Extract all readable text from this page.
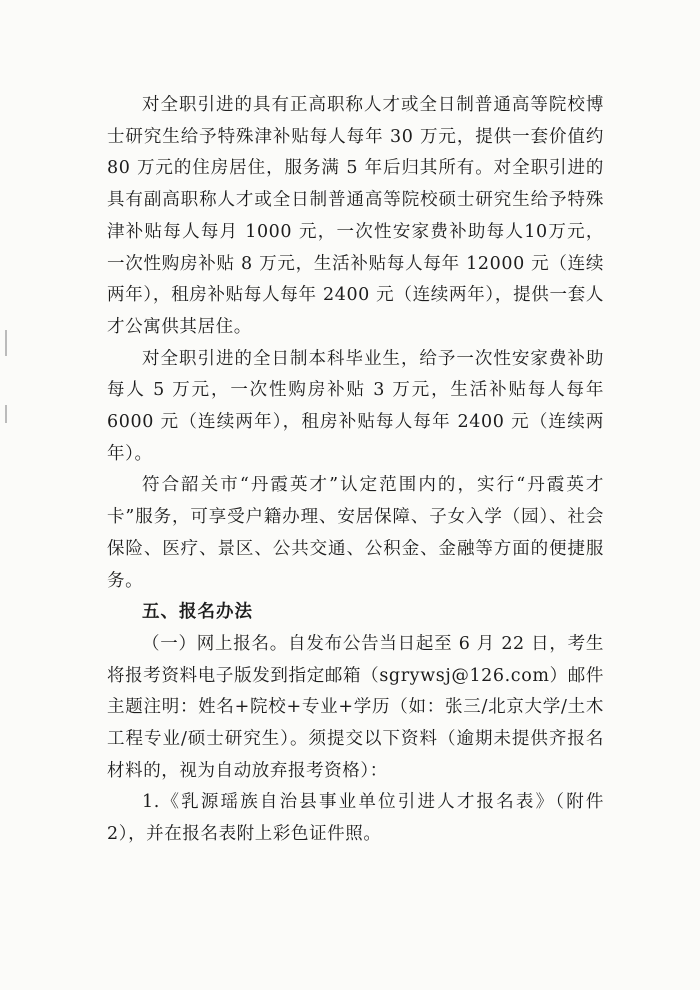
对全职引进的具有正高职称人才或全日制普通高等院校博士研究生给予特殊津补贴每人每年 30 万元，提供一套价值约 80 万元的住房居住，服务满 5 年后归其所有。对全职引进的具有副高职称人才或全日制普通高等院校硕士研究生给予特殊津补贴每人每月 1000 元，一次性安家费补助每人10万元，一次性购房补贴 8 万元，生活补贴每人每年 12000 元（连续两年），租房补贴每人每年 2400 元（连续两年），提供一套人才公寓供其居住。

对全职引进的全日制本科毕业生，给予一次性安家费补助每人 5 万元，一次性购房补贴 3 万元，生活补贴每人每年 6000 元（连续两年），租房补贴每人每年 2400 元（连续两年）。

符合韶关市“丹霞英才”认定范围内的，实行“丹霞英才卡”服务，可享受户籍办理、安居保障、子女入学（园）、社会保险、医疗、景区、公共交通、公积金、金融等方面的便捷服务。

五、报名办法

（一）网上报名。自发布公告当日起至 6 月 22 日，考生将报考资料电子版发到指定邮箱（sgrywsj@126.com）邮件主题注明：姓名+院校+专业+学历（如：张三/北京大学/土木工程专业/硕士研究生）。须提交以下资料（逾期未提供齐报名材料的，视为自动放弃报考资格）：

1.《乳源瑶族自治县事业单位引进人才报名表》（附件 2），并在报名表附上彩色证件照。
